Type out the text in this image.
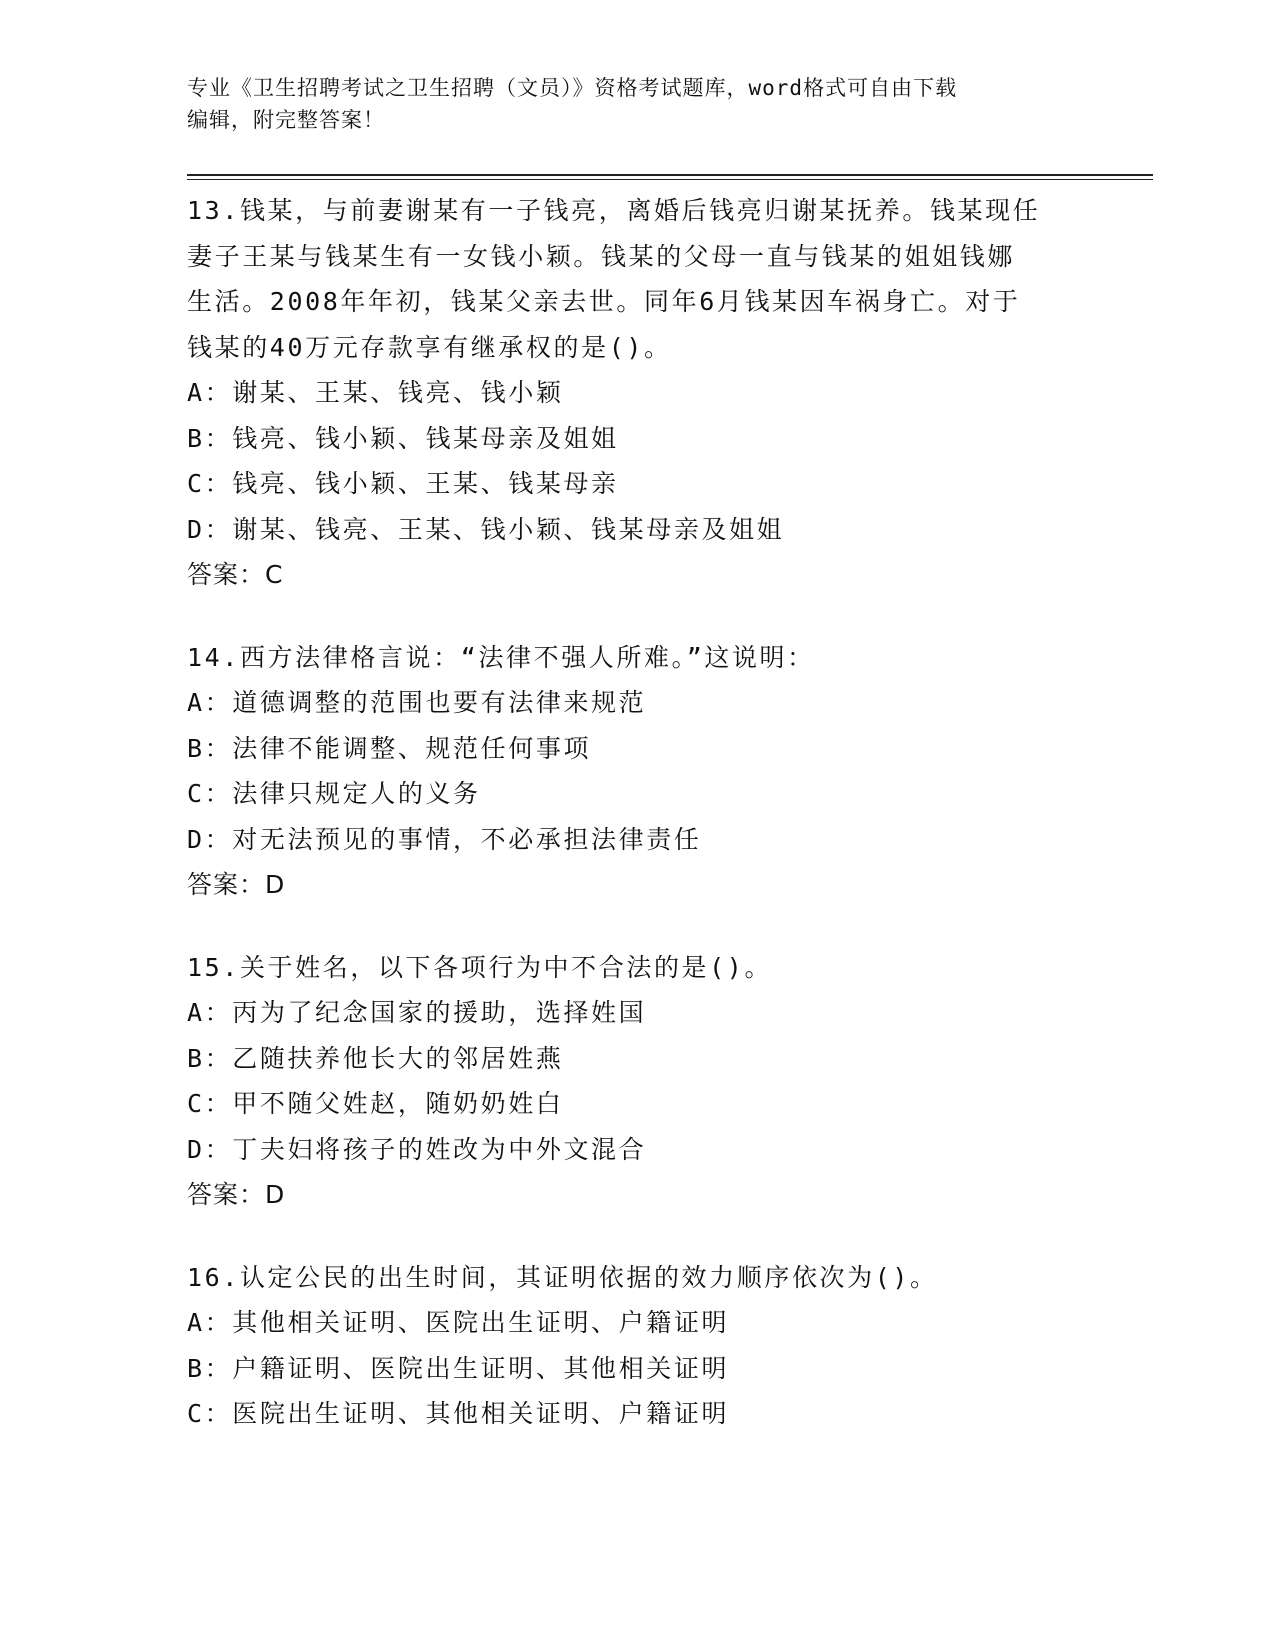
专业《卫生招聘考试之卫生招聘（文员）》资格考试题库，word格式可自由下载

编辑，附完整答案！

13.钱某，与前妻谢某有一子钱亮，离婚后钱亮归谢某抚养。钱某现任

妻子王某与钱某生有一女钱小颖。钱某的父母一直与钱某的姐姐钱娜

生活。2008年年初，钱某父亲去世。同年6月钱某因车祸身亡。对于

钱某的40万元存款享有继承权的是()。

A：谢某、王某、钱亮、钱小颖

B：钱亮、钱小颖、钱某母亲及姐姐

C：钱亮、钱小颖、王某、钱某母亲

D：谢某、钱亮、王某、钱小颖、钱某母亲及姐姐

答案：C

14.西方法律格言说：“法律不强人所难。”这说明：

A：道德调整的范围也要有法律来规范

B：法律不能调整、规范任何事项

C：法律只规定人的义务

D：对无法预见的事情，不必承担法律责任

答案：D

15.关于姓名，以下各项行为中不合法的是()。

A：丙为了纪念国家的援助，选择姓国

B：乙随扶养他长大的邻居姓燕

C：甲不随父姓赵，随奶奶姓白

D：丁夫妇将孩子的姓改为中外文混合

答案：D

16.认定公民的出生时间，其证明依据的效力顺序依次为()。

A：其他相关证明、医院出生证明、户籍证明

B：户籍证明、医院出生证明、其他相关证明

C：医院出生证明、其他相关证明、户籍证明
